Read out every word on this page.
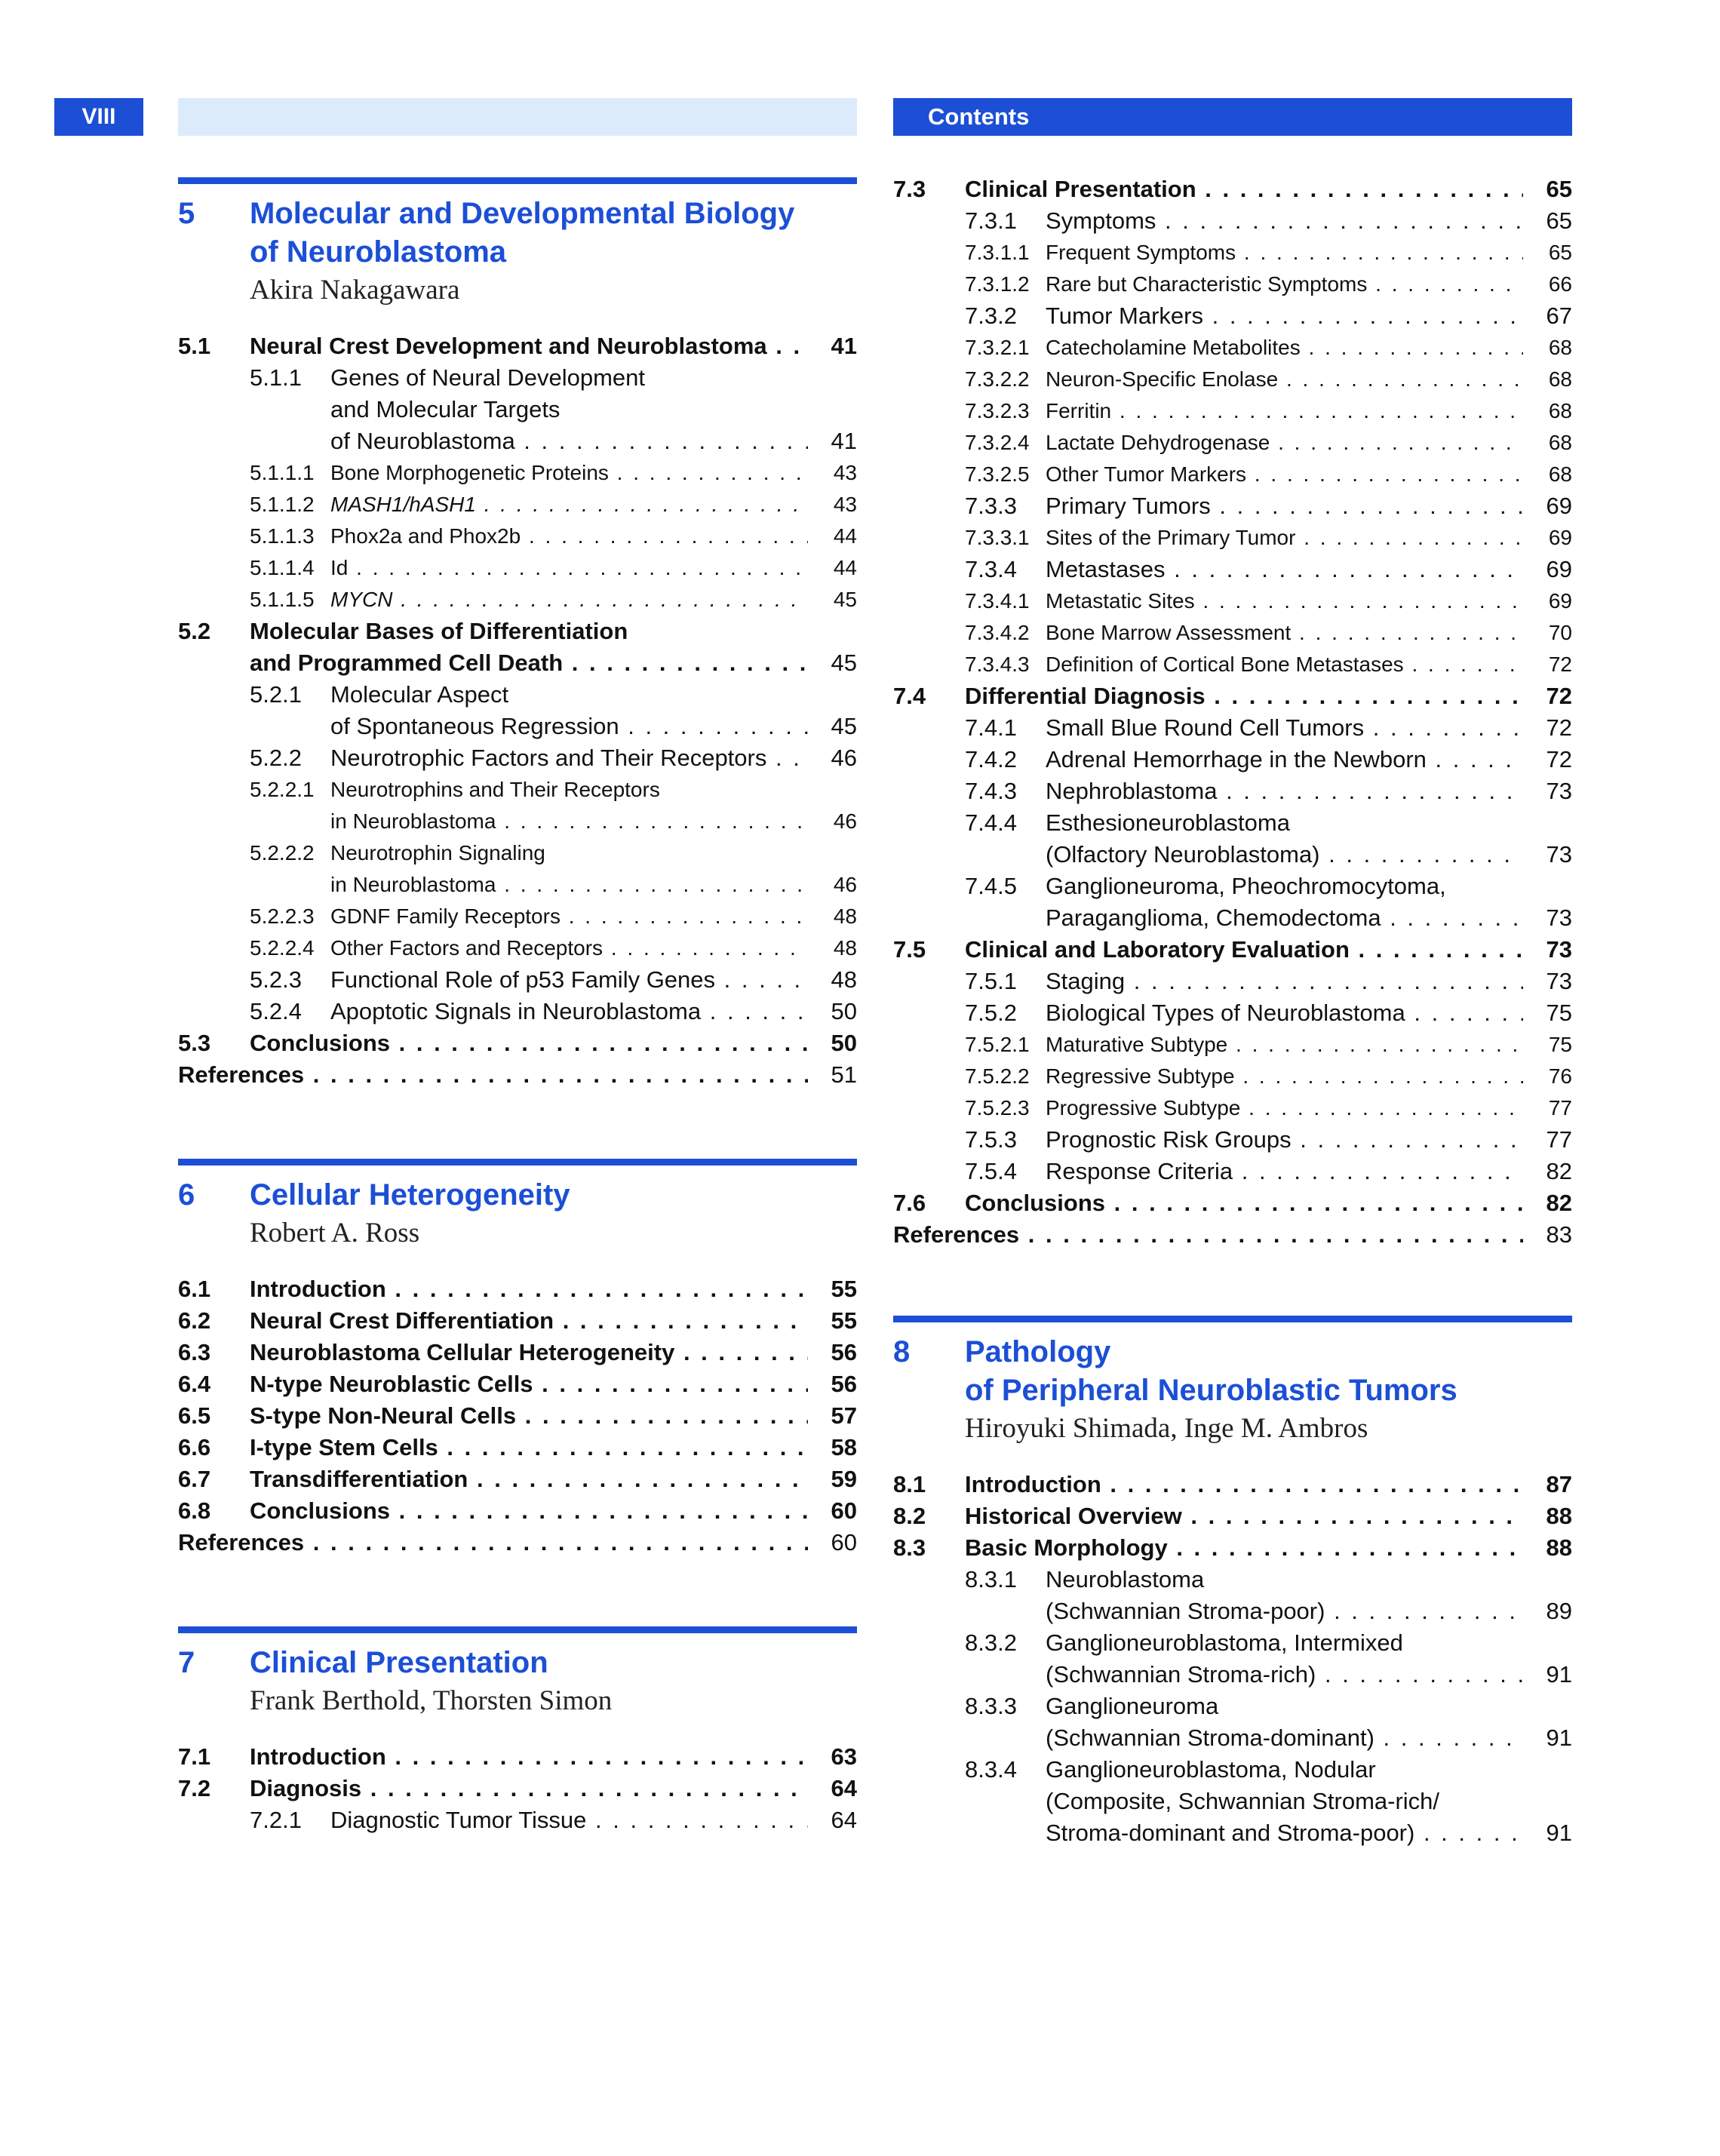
VIII	Contents
5	Molecular and Developmental Biology
of Neuroblastoma
Akira Nakagawara
5.1 Neural Crest Development and Neuroblastoma . . .	41
5.1.1 Genes of Neural Development
and Molecular Targets
of Neuroblastoma . . .	41
5.1.1.1 Bone Morphogenetic Proteins . . .	43
5.1.1.2 MASH1/hASH1 . . .	43
5.1.1.3 Phox2a and Phox2b . . .	44
5.1.1.4 Id . . .	44
5.1.1.5 MYCN . . .	45
5.2 Molecular Bases of Differentiation
and Programmed Cell Death . . .	45
5.2.1 Molecular Aspect
of Spontaneous Regression . . .	45
5.2.2 Neurotrophic Factors and Their Receptors . . .	46
5.2.2.1 Neurotrophins and Their Receptors
in Neuroblastoma . . .	46
5.2.2.2 Neurotrophin Signaling
in Neuroblastoma . . .	46
5.2.2.3 GDNF Family Receptors . . .	48
5.2.2.4 Other Factors and Receptors . . .	48
5.2.3 Functional Role of p53 Family Genes . . .	48
5.2.4 Apoptotic Signals in Neuroblastoma . . .	50
5.3 Conclusions . . .	50
References . . .	51
6	Cellular Heterogeneity
Robert A. Ross
6.1 Introduction . . .	55
6.2 Neural Crest Differentiation . . .	55
6.3 Neuroblastoma Cellular Heterogeneity . . .	56
6.4 N-type Neuroblastic Cells . . .	56
6.5 S-type Non-Neural Cells . . .	57
6.6 I-type Stem Cells . . .	58
6.7 Transdifferentiation . . .	59
6.8 Conclusions . . .	60
References . . .	60
7	Clinical Presentation
Frank Berthold, Thorsten Simon
7.1 Introduction . . .	63
7.2 Diagnosis . . .	64
7.2.1 Diagnostic Tumor Tissue . . .	64
7.3 Clinical Presentation . . .	65
7.3.1 Symptoms . . .	65
7.3.1.1 Frequent Symptoms . . .	65
7.3.1.2 Rare but Characteristic Symptoms . . .	66
7.3.2 Tumor Markers . . .	67
7.3.2.1 Catecholamine Metabolites . . .	68
7.3.2.2 Neuron-Specific Enolase . . .	68
7.3.2.3 Ferritin . . .	68
7.3.2.4 Lactate Dehydrogenase . . .	68
7.3.2.5 Other Tumor Markers . . .	68
7.3.3 Primary Tumors . . .	69
7.3.3.1 Sites of the Primary Tumor . . .	69
7.3.4 Metastases . . .	69
7.3.4.1 Metastatic Sites . . .	69
7.3.4.2 Bone Marrow Assessment . . .	70
7.3.4.3 Definition of Cortical Bone Metastases . . .	72
7.4 Differential Diagnosis . . .	72
7.4.1 Small Blue Round Cell Tumors . . .	72
7.4.2 Adrenal Hemorrhage in the Newborn . . .	72
7.4.3 Nephroblastoma . . .	73
7.4.4 Esthesioneuroblastoma
(Olfactory Neuroblastoma) . . .	73
7.4.5 Ganglioneuroma, Pheochromocytoma,
Paraganglioma, Chemodectoma . . .	73
7.5 Clinical and Laboratory Evaluation . . .	73
7.5.1 Staging . . .	73
7.5.2 Biological Types of Neuroblastoma . . .	75
7.5.2.1 Maturative Subtype . . .	75
7.5.2.2 Regressive Subtype . . .	76
7.5.2.3 Progressive Subtype . . .	77
7.5.3 Prognostic Risk Groups . . .	77
7.5.4 Response Criteria . . .	82
7.6 Conclusions . . .	82
References . . .	83
8	Pathology
of Peripheral Neuroblastic Tumors
Hiroyuki Shimada, Inge M. Ambros
8.1 Introduction . . .	87
8.2 Historical Overview . . .	88
8.3 Basic Morphology . . .	88
8.3.1 Neuroblastoma
(Schwannian Stroma-poor) . . .	89
8.3.2 Ganglioneuroblastoma, Intermixed
(Schwannian Stroma-rich) . . .	91
8.3.3 Ganglioneuroma
(Schwannian Stroma-dominant) . . .	91
8.3.4 Ganglioneuroblastoma, Nodular
(Composite, Schwannian Stroma-rich/
Stroma-dominant and Stroma-poor) . . .	91
